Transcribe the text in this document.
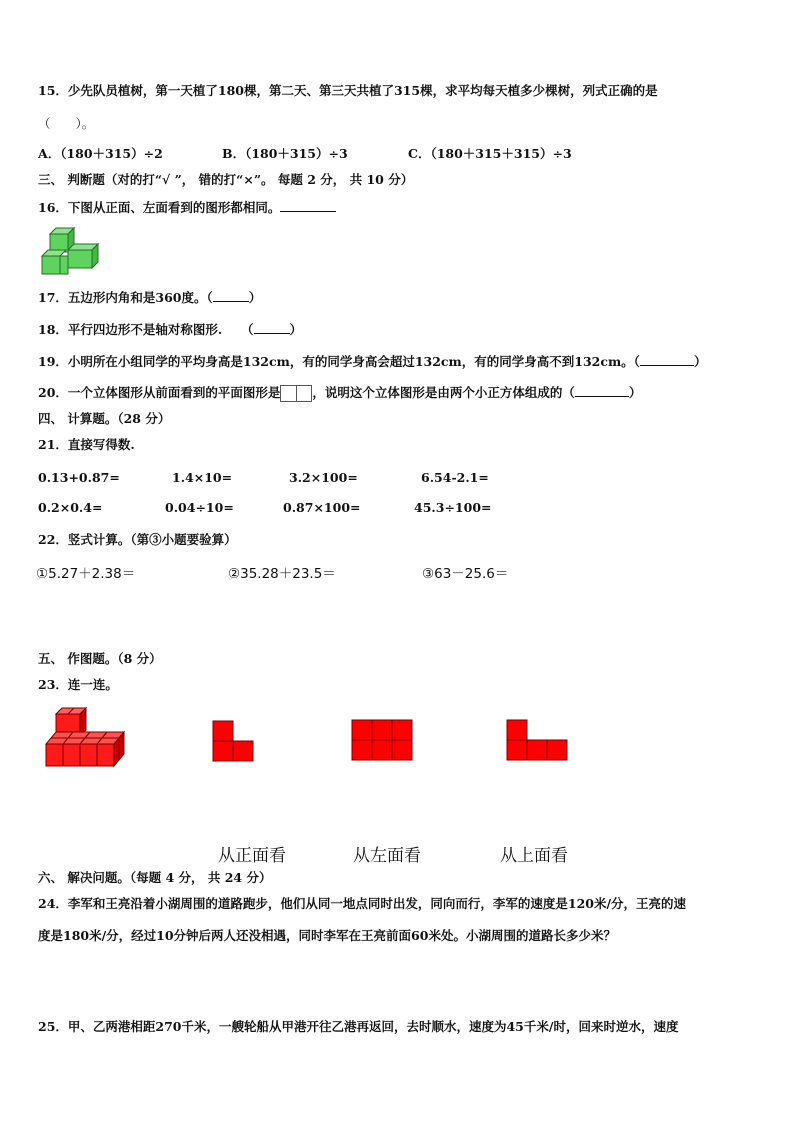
15．少先队员植树，第一天植了180棵，第二天、第三天共植了315棵，求平均每天植多少棵树，列式正确的是
（　　）。
A．（180＋315）÷2	B．（180＋315）÷3	C．（180＋315＋315）÷3
三、 判断题（对的打“√ ”， 错的打“×”。 每题 2 分， 共 10 分）
16．下图从正面、左面看到的图形都相同。
17．五边形内角和是360度。（	）
18．平行四边形不是轴对称图形.　　（	）
19．小明所在小组同学的平均身高是132cm，有的同学身高会超过132cm，有的同学身高不到132cm。（	）
20．一个立体图形从前面看到的平面图形是	，说明这个立体图形是由两个小正方体组成的（	）
四、 计算题。（28 分）
21．直接写得数.
0.13+0.87=	1.4×10=	3.2×100=	6.54-2.1=
0.2×0.4=	0.04÷10=	0.87×100=	45.3÷100=
22．竖式计算。（第③小题要验算）
①5.27＋2.38＝	②35.28＋23.5＝	③63－25.6＝
五、 作图题。（8 分）
23．连一连。
从正面看	从左面看	从上面看
六、 解决问题。（每题 4 分， 共 24 分）
24．李军和王亮沿着小湖周围的道路跑步，他们从同一地点同时出发，同向而行，李军的速度是120米/分，王亮的速
度是180米/分，经过10分钟后两人还没相遇，同时李军在王亮前面60米处。小湖周围的道路长多少米？
25．甲、乙两港相距270千米，一艘轮船从甲港开往乙港再返回，去时顺水，速度为45千米/时，回来时逆水，速度
